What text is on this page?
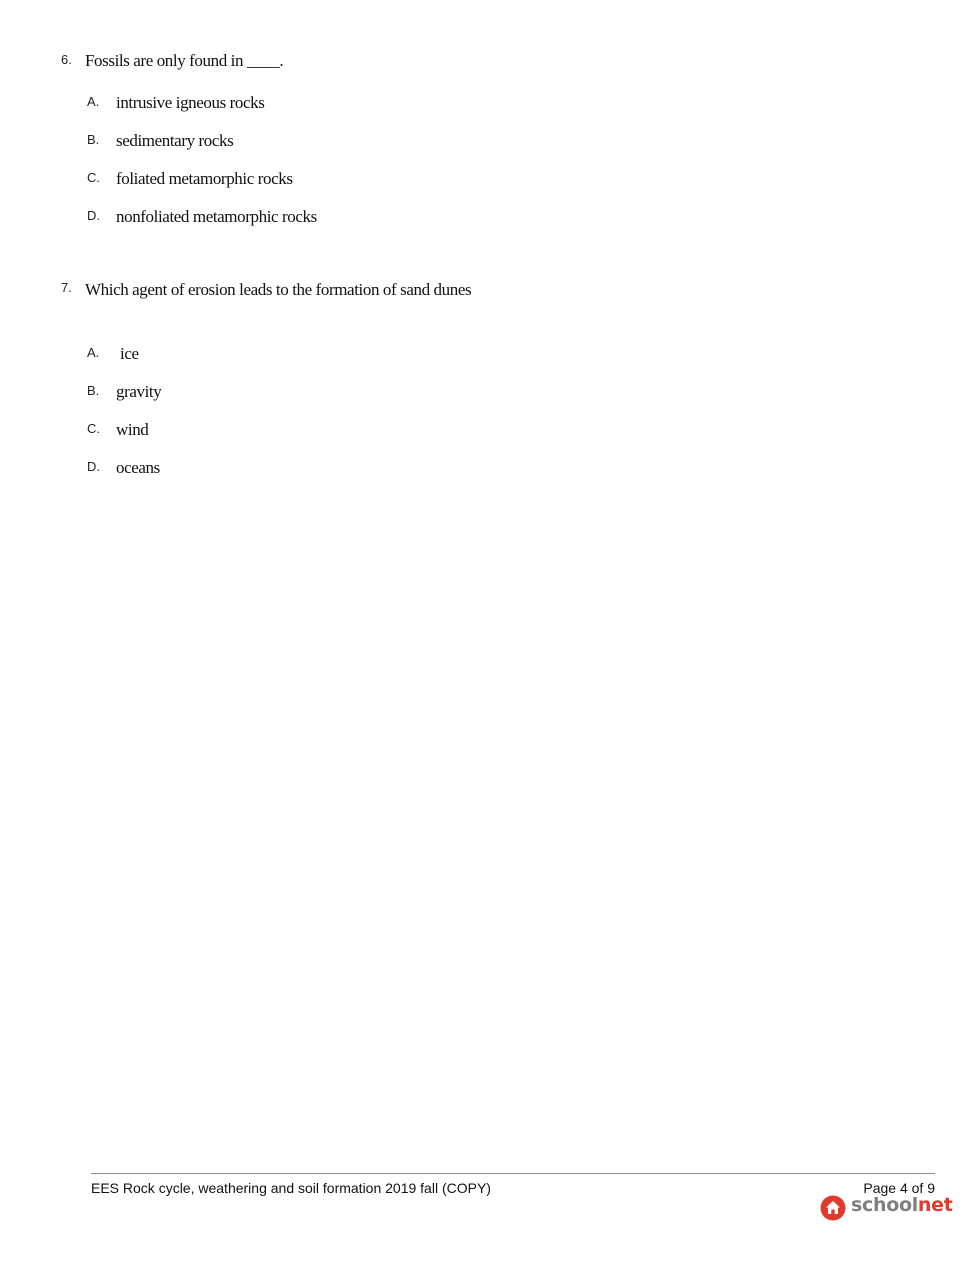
6. Fossils are only found in ____.
A. intrusive igneous rocks
B. sedimentary rocks
C. foliated metamorphic rocks
D. nonfoliated metamorphic rocks
7. Which agent of erosion leads to the formation of sand dunes
A. ice
B. gravity
C. wind
D. oceans
EES Rock cycle, weathering and soil formation 2019 fall (COPY)	Page 4 of 9
schoolnet
